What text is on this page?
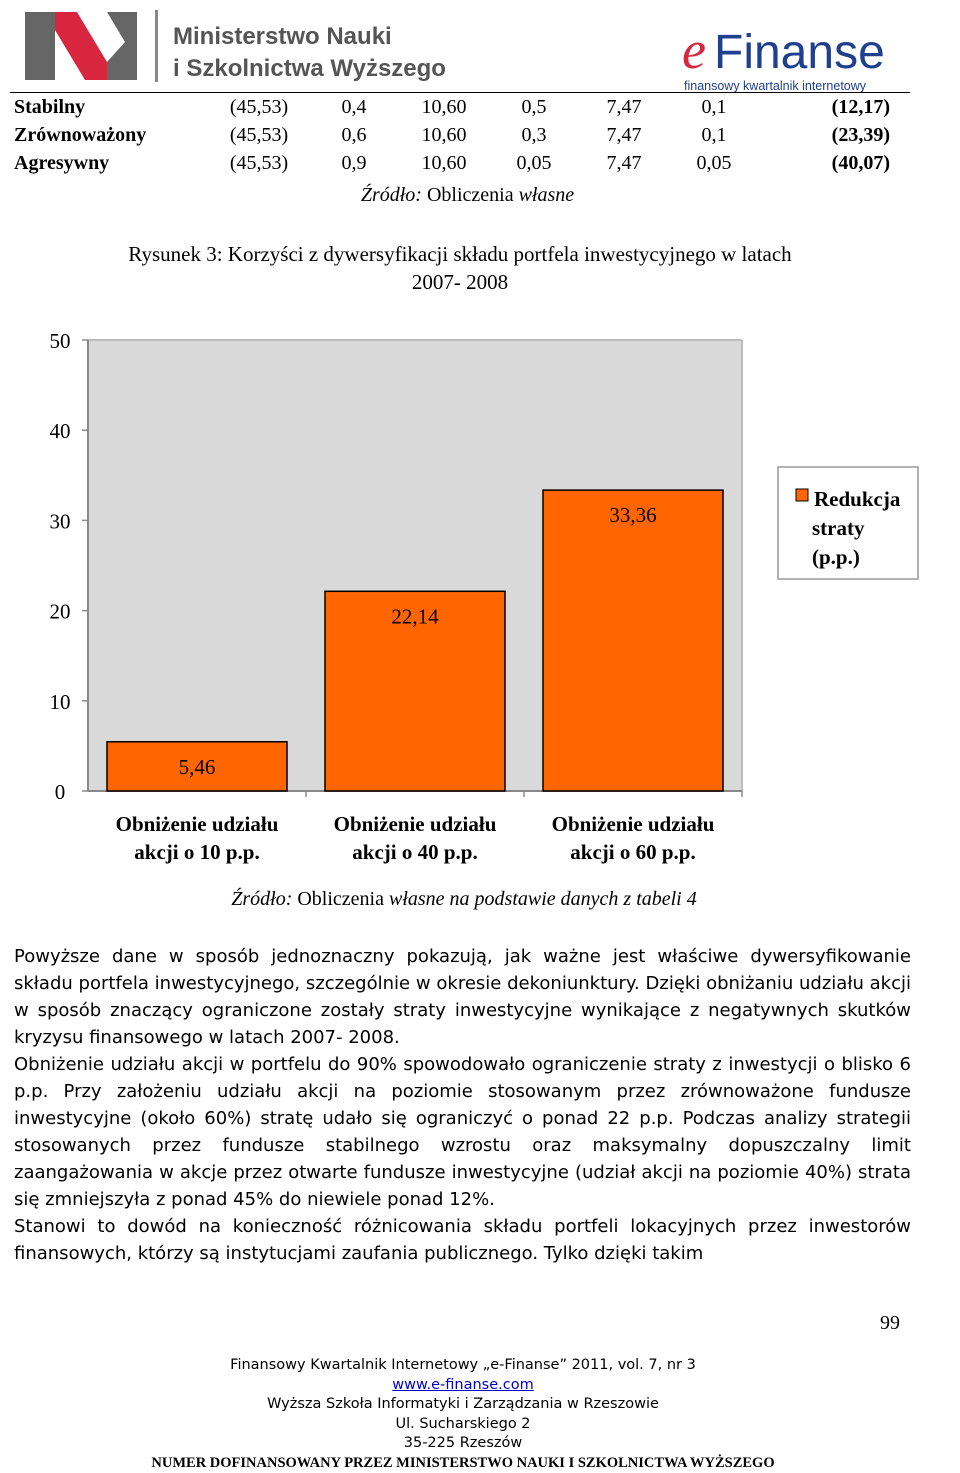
Ministerstwo Nauki
i Szkolnictwa Wyższego	e Finanse
finansowy kwartalnik internetowy
Stabilny	(45,53)	0,4	10,60	0,5	7,47	0,1	(12,17)
Zrównoważony	(45,53)	0,6	10,60	0,3	7,47	0,1	(23,39)
Agresywny	(45,53)	0,9	10,60	0,05	7,47	0,05	(40,07)
Źródło: Obliczenia własne
Rysunek 3: Korzyści z dywersyfikacji składu portfela inwestycyjnego w latach
2007- 2008
0
10
20
30
40
50
Obniżenie udziału
akcji o 10 p.p.
Obniżenie udziału
akcji o 40 p.p.
Obniżenie udziału
akcji o 60 p.p.
5,46
22,14
33,36
Redukcja
straty
(p.p.)
Źródło: Obliczenia własne na podstawie danych z tabeli 4

Powyższe dane w sposób jednoznaczny pokazują, jak ważne jest właściwe dywersyfikowanie składu portfela inwestycyjnego, szczególnie w okresie dekoniunktury. Dzięki obniżaniu udziału akcji w sposób znaczący ograniczone zostały straty inwestycyjne wynikające z negatywnych skutków kryzysu finansowego w latach 2007- 2008.

Obniżenie udziału akcji w portfelu do 90% spowodowało ograniczenie straty z inwestycji o blisko 6 p.p. Przy założeniu udziału akcji na poziomie stosowanym przez zrównoważone fundusze inwestycyjne (około 60%) stratę udało się ograniczyć o ponad 22 p.p. Podczas analizy strategii stosowanych przez fundusze stabilnego wzrostu oraz maksymalny dopuszczalny limit zaangażowania w akcje przez otwarte fundusze inwestycyjne (udział akcji na poziomie 40%) strata się zmniejszyła z ponad 45% do niewiele ponad 12%.

Stanowi to dowód na konieczność różnicowania składu portfeli lokacyjnych przez inwestorów finansowych, którzy są instytucjami zaufania publicznego. Tylko dzięki takim

99
Finansowy Kwartalnik Internetowy „e-Finanse” 2011, vol. 7, nr 3
www.e-finanse.com
Wyższa Szkoła Informatyki i Zarządzania w Rzeszowie
Ul. Sucharskiego 2
35-225 Rzeszów
NUMER DOFINANSOWANY PRZEZ MINISTERSTWO NAUKI I SZKOLNICTWA WYŻSZEGO
